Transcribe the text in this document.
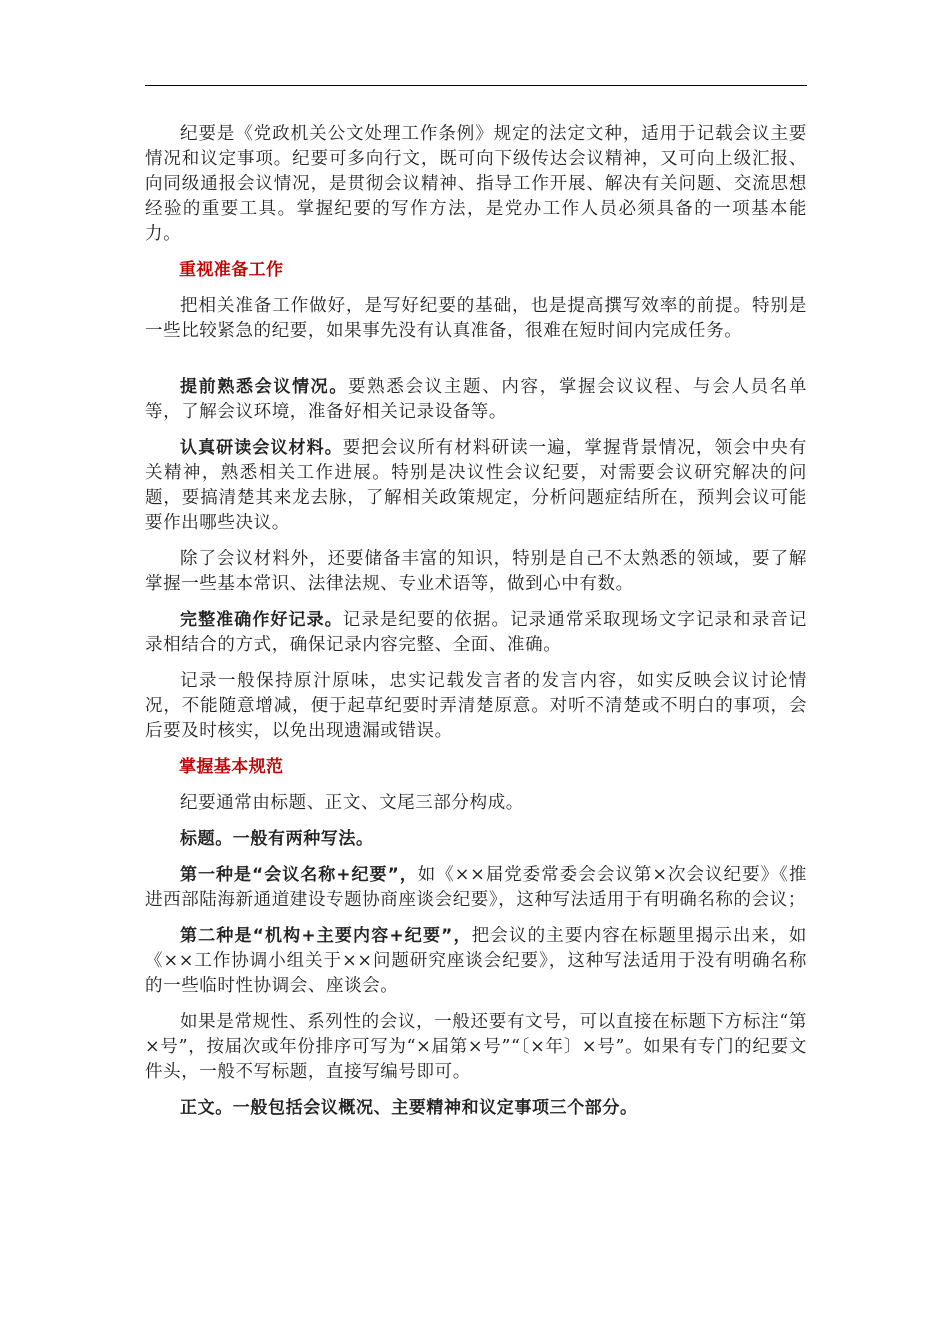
纪要是《党政机关公文处理工作条例》规定的法定文种，适用于记载会议主要情况和议定事项。纪要可多向行文，既可向下级传达会议精神，又可向上级汇报、向同级通报会议情况，是贯彻会议精神、指导工作开展、解决有关问题、交流思想经验的重要工具。掌握纪要的写作方法，是党办工作人员必须具备的一项基本能力。

重视准备工作

把相关准备工作做好，是写好纪要的基础，也是提高撰写效率的前提。特别是一些比较紧急的纪要，如果事先没有认真准备，很难在短时间内完成任务。

提前熟悉会议情况。要熟悉会议主题、内容，掌握会议议程、与会人员名单等，了解会议环境，准备好相关记录设备等。

认真研读会议材料。要把会议所有材料研读一遍，掌握背景情况，领会中央有关精神，熟悉相关工作进展。特别是决议性会议纪要，对需要会议研究解决的问题，要搞清楚其来龙去脉，了解相关政策规定，分析问题症结所在，预判会议可能要作出哪些决议。

除了会议材料外，还要储备丰富的知识，特别是自己不太熟悉的领域，要了解掌握一些基本常识、法律法规、专业术语等，做到心中有数。

完整准确作好记录。记录是纪要的依据。记录通常采取现场文字记录和录音记录相结合的方式，确保记录内容完整、全面、准确。

记录一般保持原汁原味，忠实记载发言者的发言内容，如实反映会议讨论情况，不能随意增减，便于起草纪要时弄清楚原意。对听不清楚或不明白的事项，会后要及时核实，以免出现遗漏或错误。

掌握基本规范

纪要通常由标题、正文、文尾三部分构成。

标题。一般有两种写法。

第一种是“会议名称+纪要”，如《××届党委常委会会议第×次会议纪要》《推进西部陆海新通道建设专题协商座谈会纪要》，这种写法适用于有明确名称的会议；

第二种是“机构+主要内容+纪要”，把会议的主要内容在标题里揭示出来，如《××工作协调小组关于××问题研究座谈会纪要》，这种写法适用于没有明确名称的一些临时性协调会、座谈会。

如果是常规性、系列性的会议，一般还要有文号，可以直接在标题下方标注“第×号”，按届次或年份排序可写为“×届第×号”“〔×年〕×号”。如果有专门的纪要文件头，一般不写标题，直接写编号即可。

正文。一般包括会议概况、主要精神和议定事项三个部分。
